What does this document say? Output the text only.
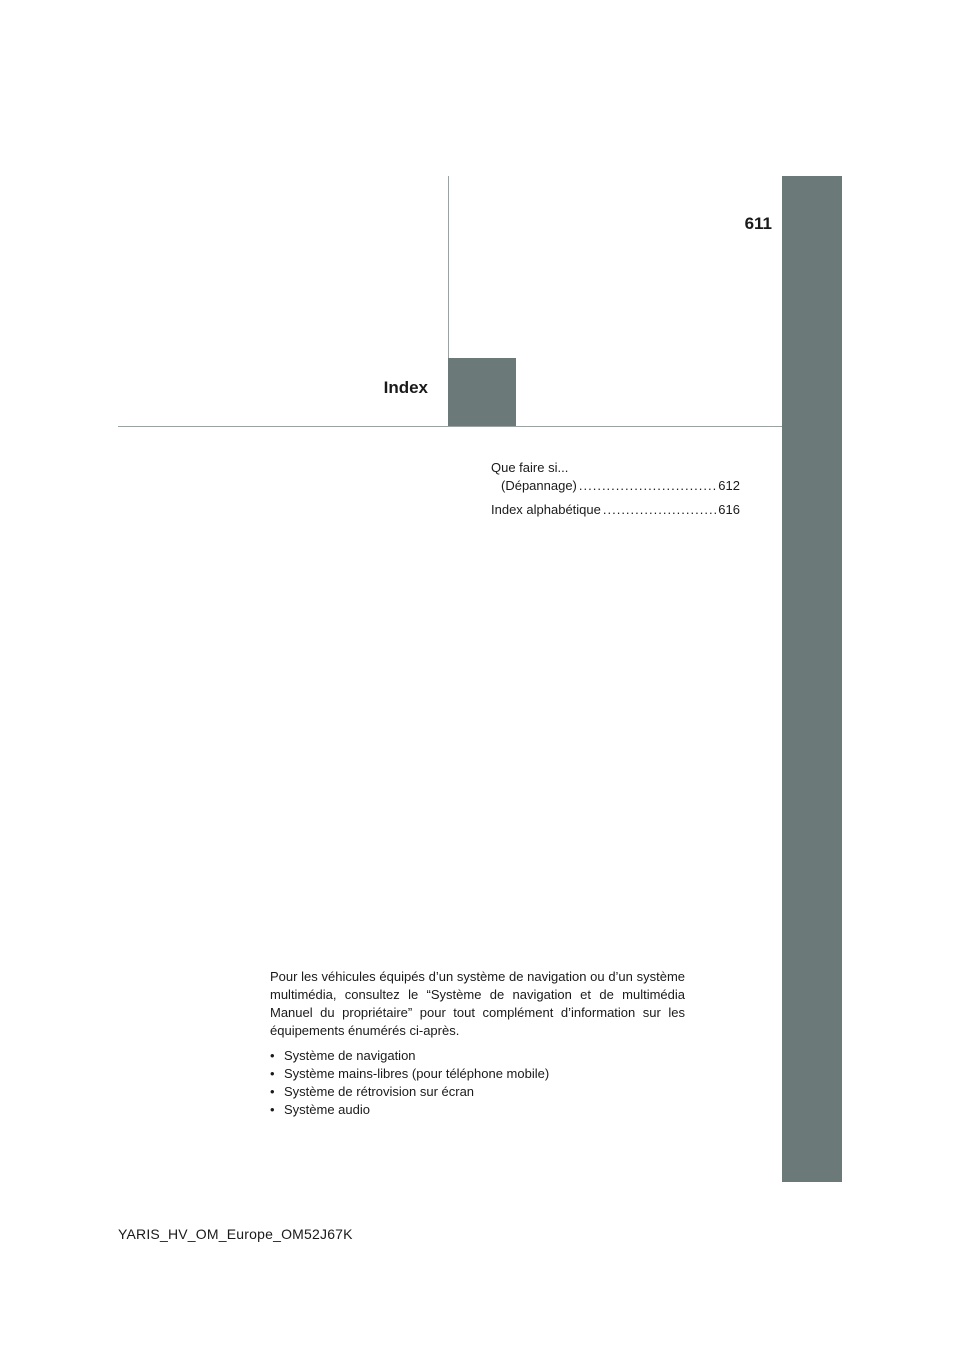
611
Index
Que faire si...
(Dépannage) .....	612
Index alphabétique .....	616

Pour les véhicules équipés d’un système de navigation ou d’un système multimédia, consultez le “Système de navigation et de multimédia Manuel du propriétaire” pour tout complément d’information sur les équipements énumérés ci-après.

• Système de navigation
• Système mains-libres (pour téléphone mobile)
• Système de rétrovision sur écran
• Système audio
YARIS_HV_OM_Europe_OM52J67K
